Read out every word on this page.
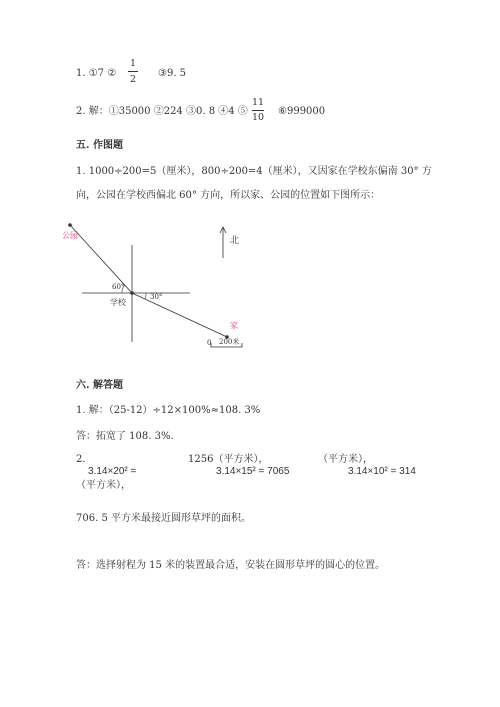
1. ①7 ②
1
2
③9. 5
2. 解：①35000 ②224 ③0. 8 ④4 ⑤
11
10
⑥999000
五. 作图题
1. 1000÷200=5（厘米），800÷200=4（厘米），又因家在学校东偏南 30° 方
向，公园在学校西偏北 60° 方向，所以家、公园的位置如下图所示：
公园
学校
家
北
60°
30°
0 200米
六. 解答题
1. 解：（25-12）÷12×100%≈108. 3%
答：拓宽了 108. 3%.
2.	1256（平方米），	（平方米），
3.14×20² =	3.14×15² = 7065	3.14×10² = 314
（平方米），
706. 5 平方米最接近圆形草坪的面积。
答：选择射程为 15 米的装置最合适，安装在圆形草坪的圆心的位置。
